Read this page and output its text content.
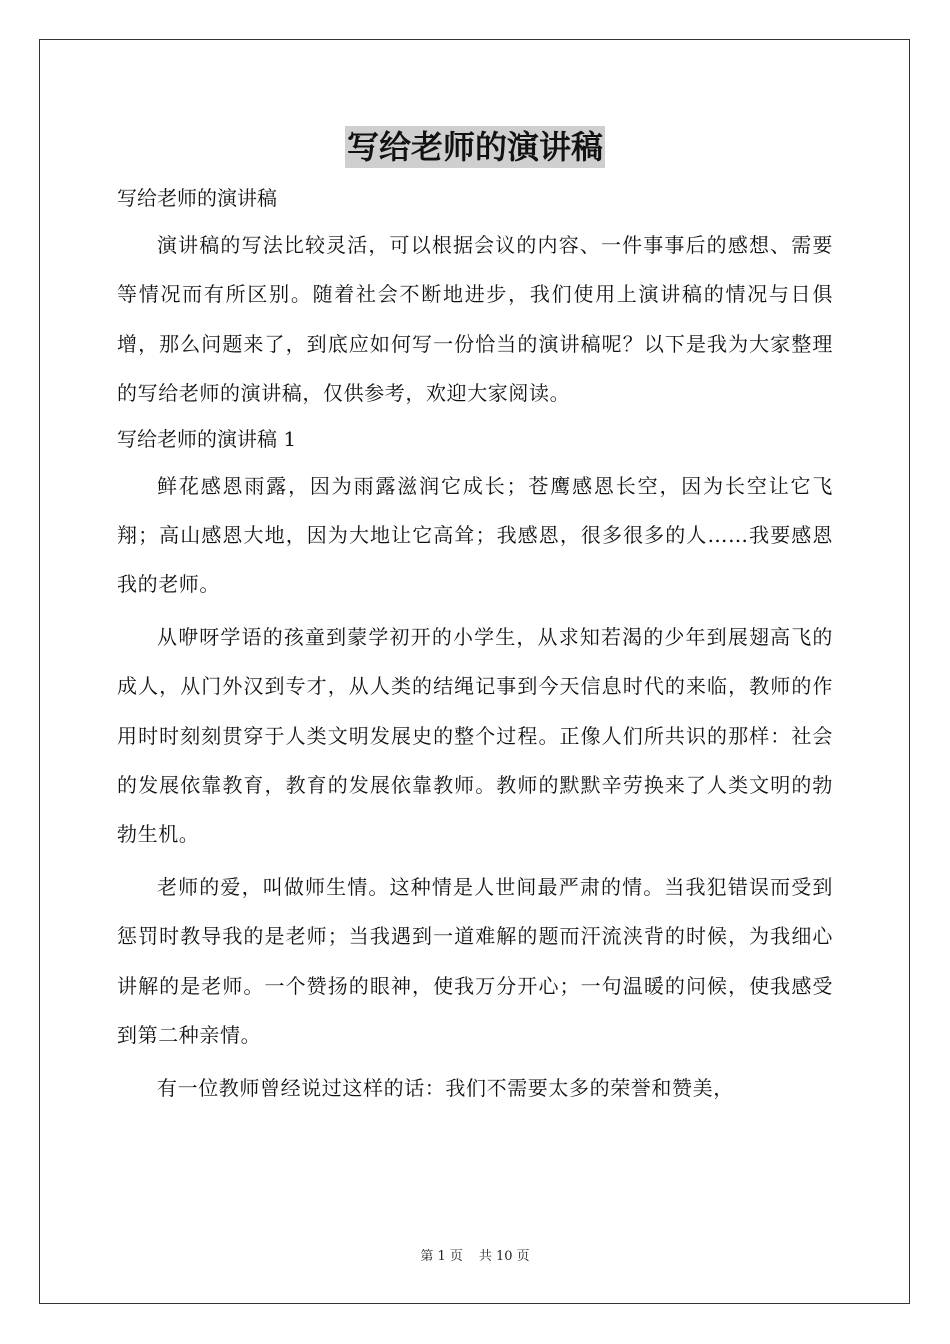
写给老师的演讲稿

写给老师的演讲稿

演讲稿的写法比较灵活，可以根据会议的内容、一件事事后的感想、需要等情况而有所区别。随着社会不断地进步，我们使用上演讲稿的情况与日俱增，那么问题来了，到底应如何写一份恰当的演讲稿呢？以下是我为大家整理的写给老师的演讲稿，仅供参考，欢迎大家阅读。

写给老师的演讲稿 1

鲜花感恩雨露，因为雨露滋润它成长；苍鹰感恩长空，因为长空让它飞翔；高山感恩大地，因为大地让它高耸；我感恩，很多很多的人……我要感恩我的老师。

从咿呀学语的孩童到蒙学初开的小学生，从求知若渴的少年到展翅高飞的成人，从门外汉到专才，从人类的结绳记事到今天信息时代的来临，教师的作用时时刻刻贯穿于人类文明发展史的整个过程。正像人们所共识的那样：社会的发展依靠教育，教育的发展依靠教师。教师的默默辛劳换来了人类文明的勃勃生机。

老师的爱，叫做师生情。这种情是人世间最严肃的情。当我犯错误而受到惩罚时教导我的是老师；当我遇到一道难解的题而汗流浃背的时候，为我细心讲解的是老师。一个赞扬的眼神，使我万分开心；一句温暖的问候，使我感受到第二种亲情。

有一位教师曾经说过这样的话：我们不需要太多的荣誉和赞美，

第 1 页 共 10 页
